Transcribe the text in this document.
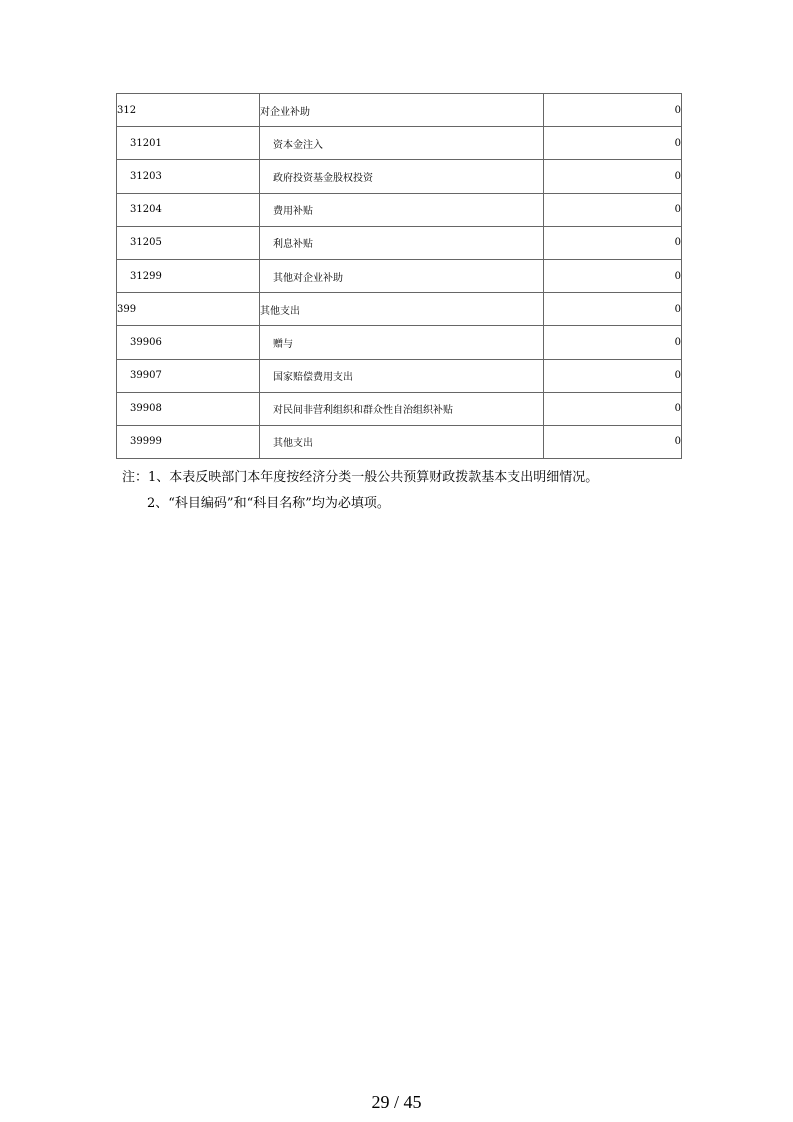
312	对企业补助	0
31201	资本金注入	0
31203	政府投资基金股权投资	0
31204	费用补贴	0
31205	利息补贴	0
31299	其他对企业补助	0
399	其他支出	0
39906	赠与	0
39907	国家赔偿费用支出	0
39908	对民间非营利组织和群众性自治组织补贴	0
39999	其他支出	0
注：1、本表反映部门本年度按经济分类一般公共预算财政拨款基本支出明细情况。
2、“科目编码”和“科目名称”均为必填项。
29 / 45
